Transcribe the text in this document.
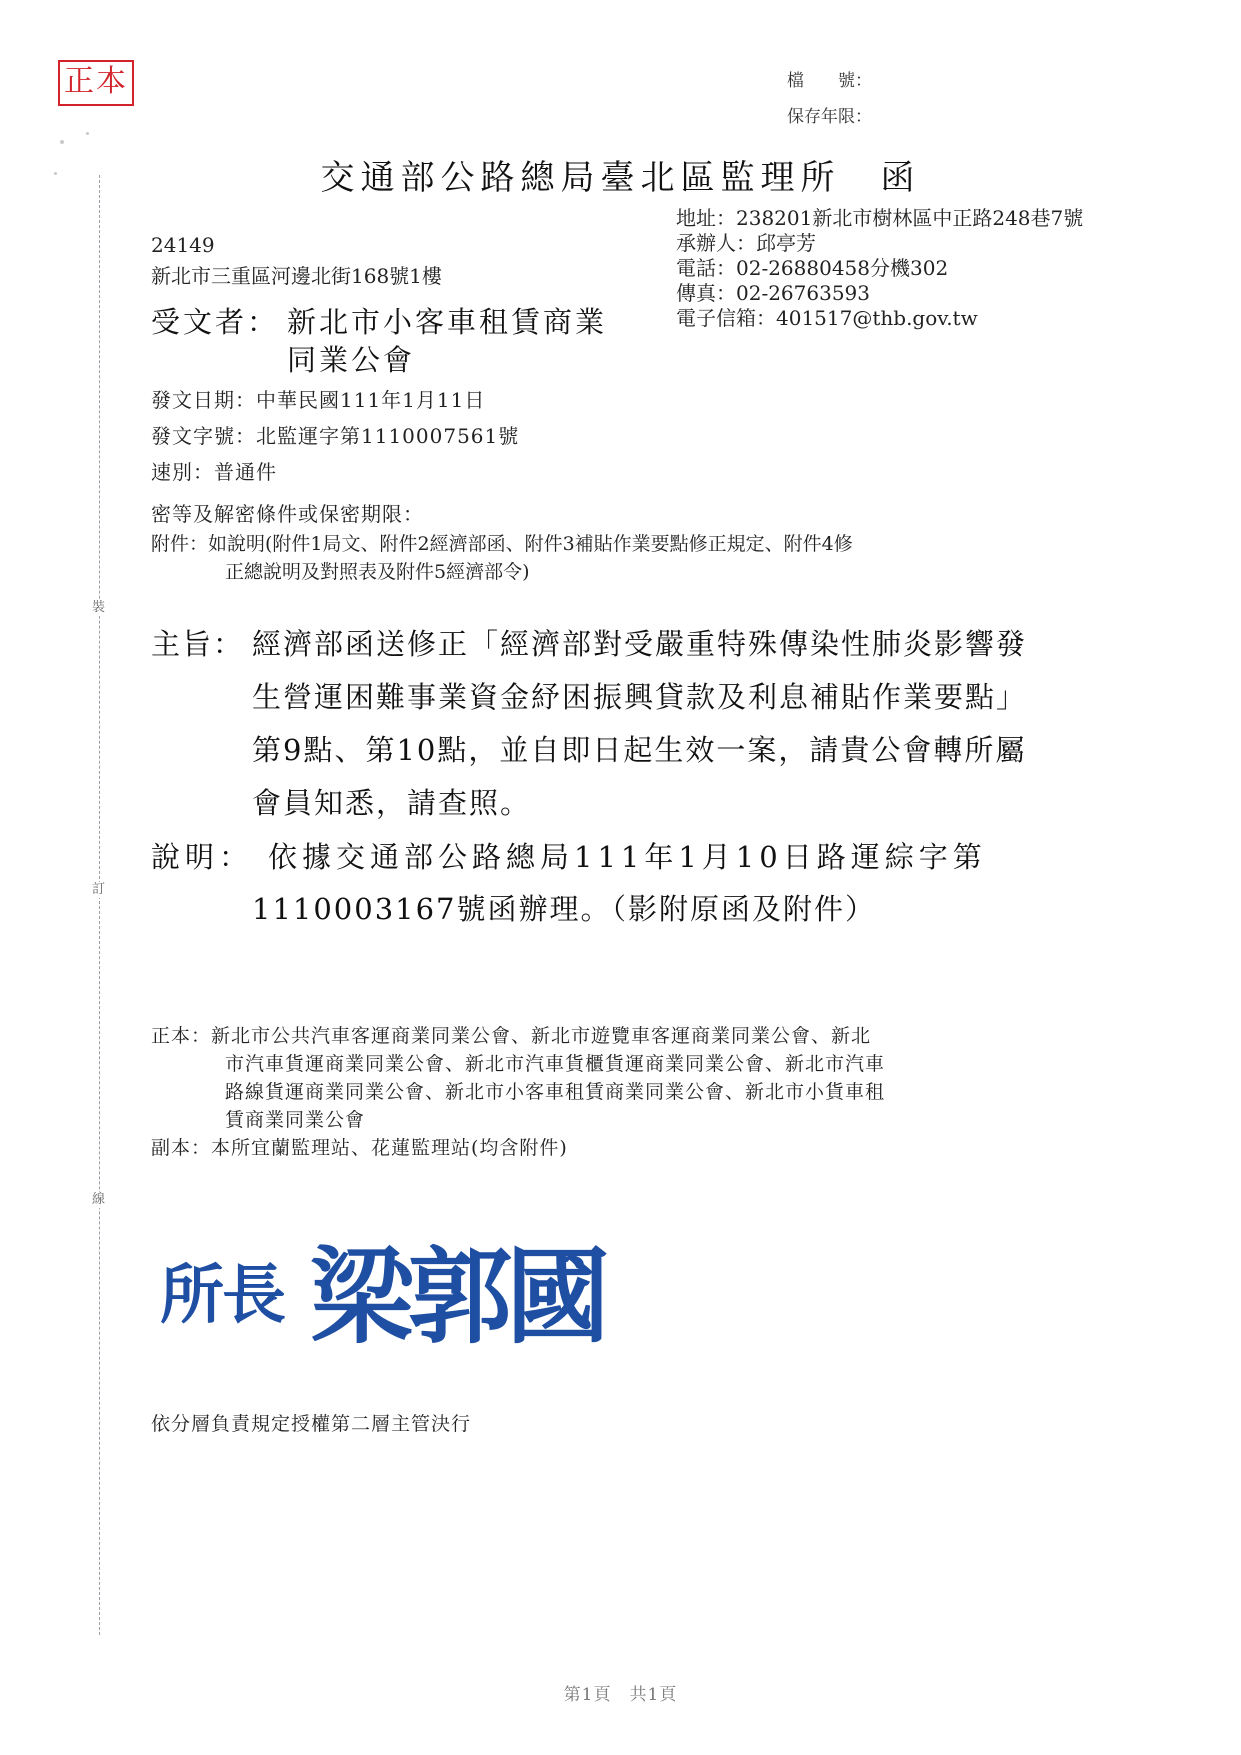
正本	檔　　號：
保存年限：
交通部公路總局臺北區監理所　函
裝
訂
線
地址：238201新北市樹林區中正路248巷7號
承辦人：邱亭芳
電話：02-26880458分機302
傳真：02-26763593
電子信箱：401517@thb.gov.tw
24149
新北市三重區河邊北街168號1樓
受文者： 新北市小客車租賃商業
同業公會
發文日期：中華民國111年1月11日
發文字號：北監運字第1110007561號
速別：普通件
密等及解密條件或保密期限：
附件：如說明(附件1局文、附件2經濟部函、附件3補貼作業要點修正規定、附件4修
正總說明及對照表及附件5經濟部令)
主旨： 經濟部函送修正「經濟部對受嚴重特殊傳染性肺炎影響發
生營運困難事業資金紓困振興貸款及利息補貼作業要點」
第9點、第10點，並自即日起生效一案，請貴公會轉所屬
會員知悉，請查照。
說明： 依據交通部公路總局111年1月10日路運綜字第
1110003167號函辦理。（影附原函及附件）
正本：新北市公共汽車客運商業同業公會、新北市遊覽車客運商業同業公會、新北
市汽車貨運商業同業公會、新北市汽車貨櫃貨運商業同業公會、新北市汽車
路線貨運商業同業公會、新北市小客車租賃商業同業公會、新北市小貨車租
賃商業同業公會
副本：本所宜蘭監理站、花蓮監理站(均含附件)
所長 梁郭國
依分層負責規定授權第二層主管決行
第1頁　共1頁
